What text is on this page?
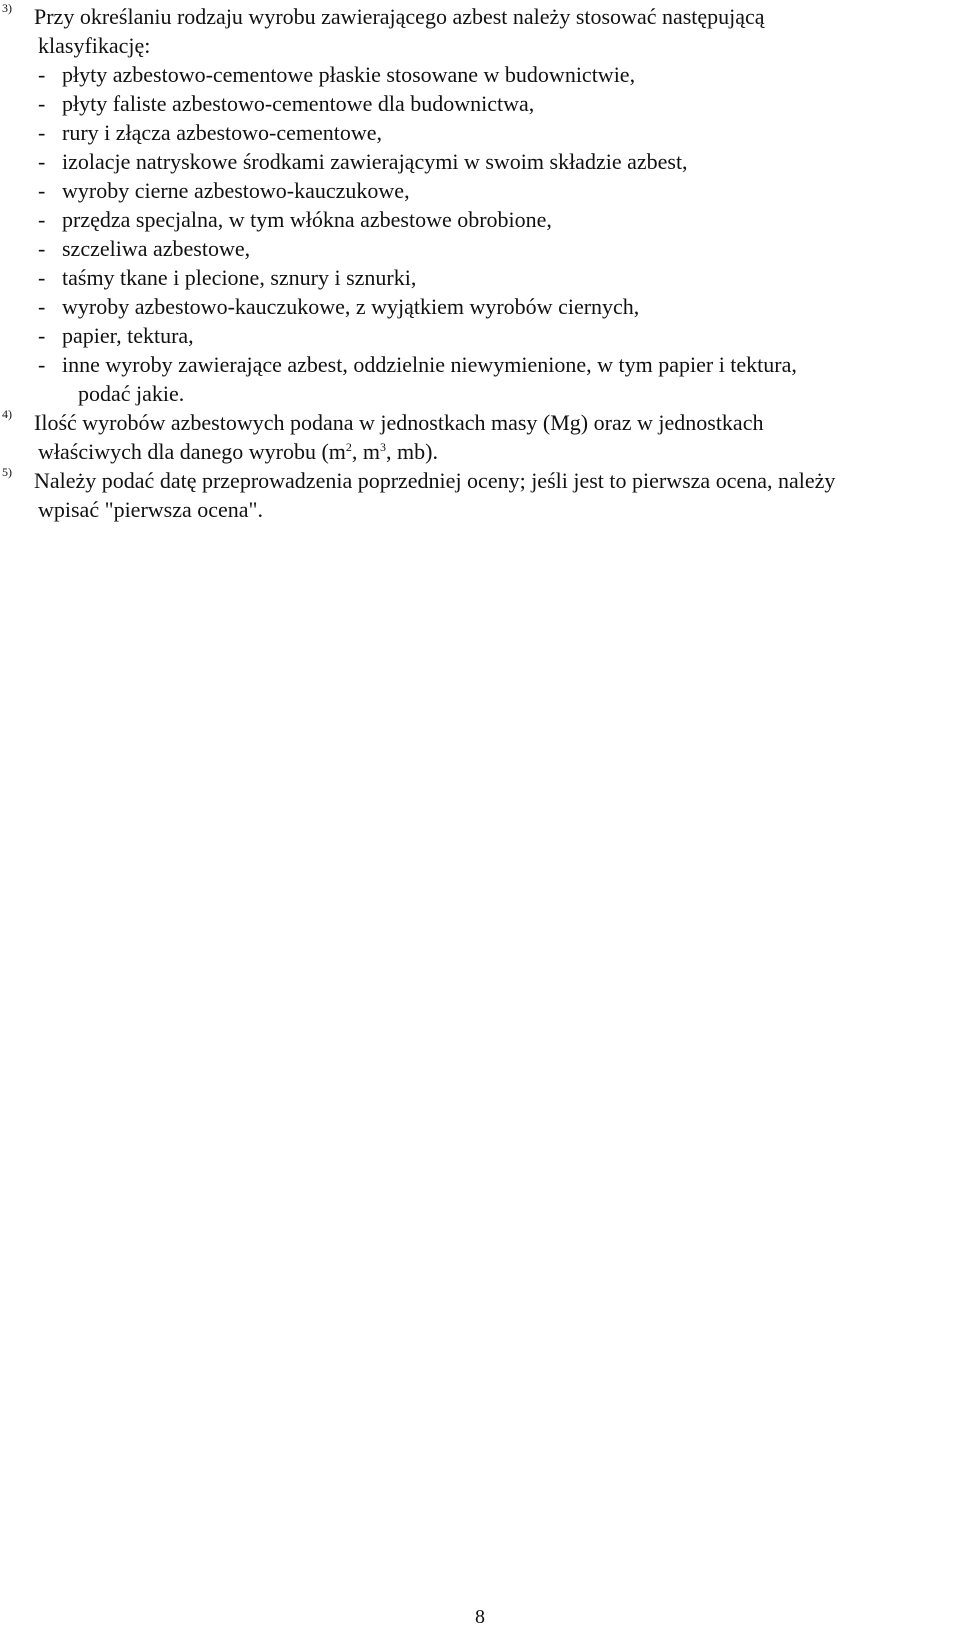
3)	Przy określaniu rodzaju wyrobu zawierającego azbest należy stosować następującą

klasyfikację:

- płyty azbestowo-cementowe płaskie stosowane w budownictwie,

- płyty faliste azbestowo-cementowe dla budownictwa,

- rury i złącza azbestowo-cementowe,

- izolacje natryskowe środkami zawierającymi w swoim składzie azbest,

- wyroby cierne azbestowo-kauczukowe,

- przędza specjalna, w tym włókna azbestowe obrobione,

- szczeliwa azbestowe,

- taśmy tkane i plecione, sznury i sznurki,

- wyroby azbestowo-kauczukowe, z wyjątkiem wyrobów ciernych,

- papier, tektura,

- inne wyroby zawierające azbest, oddzielnie niewymienione, w tym papier i tektura,

podać jakie.

4)	Ilość wyrobów azbestowych podana w jednostkach masy (Mg) oraz w jednostkach

właściwych dla danego wyrobu ($m^2$, $m^3$, mb).

5)	Należy podać datę przeprowadzenia poprzedniej oceny; jeśli jest to pierwsza ocena, należy

wpisać "pierwsza ocena".

8
